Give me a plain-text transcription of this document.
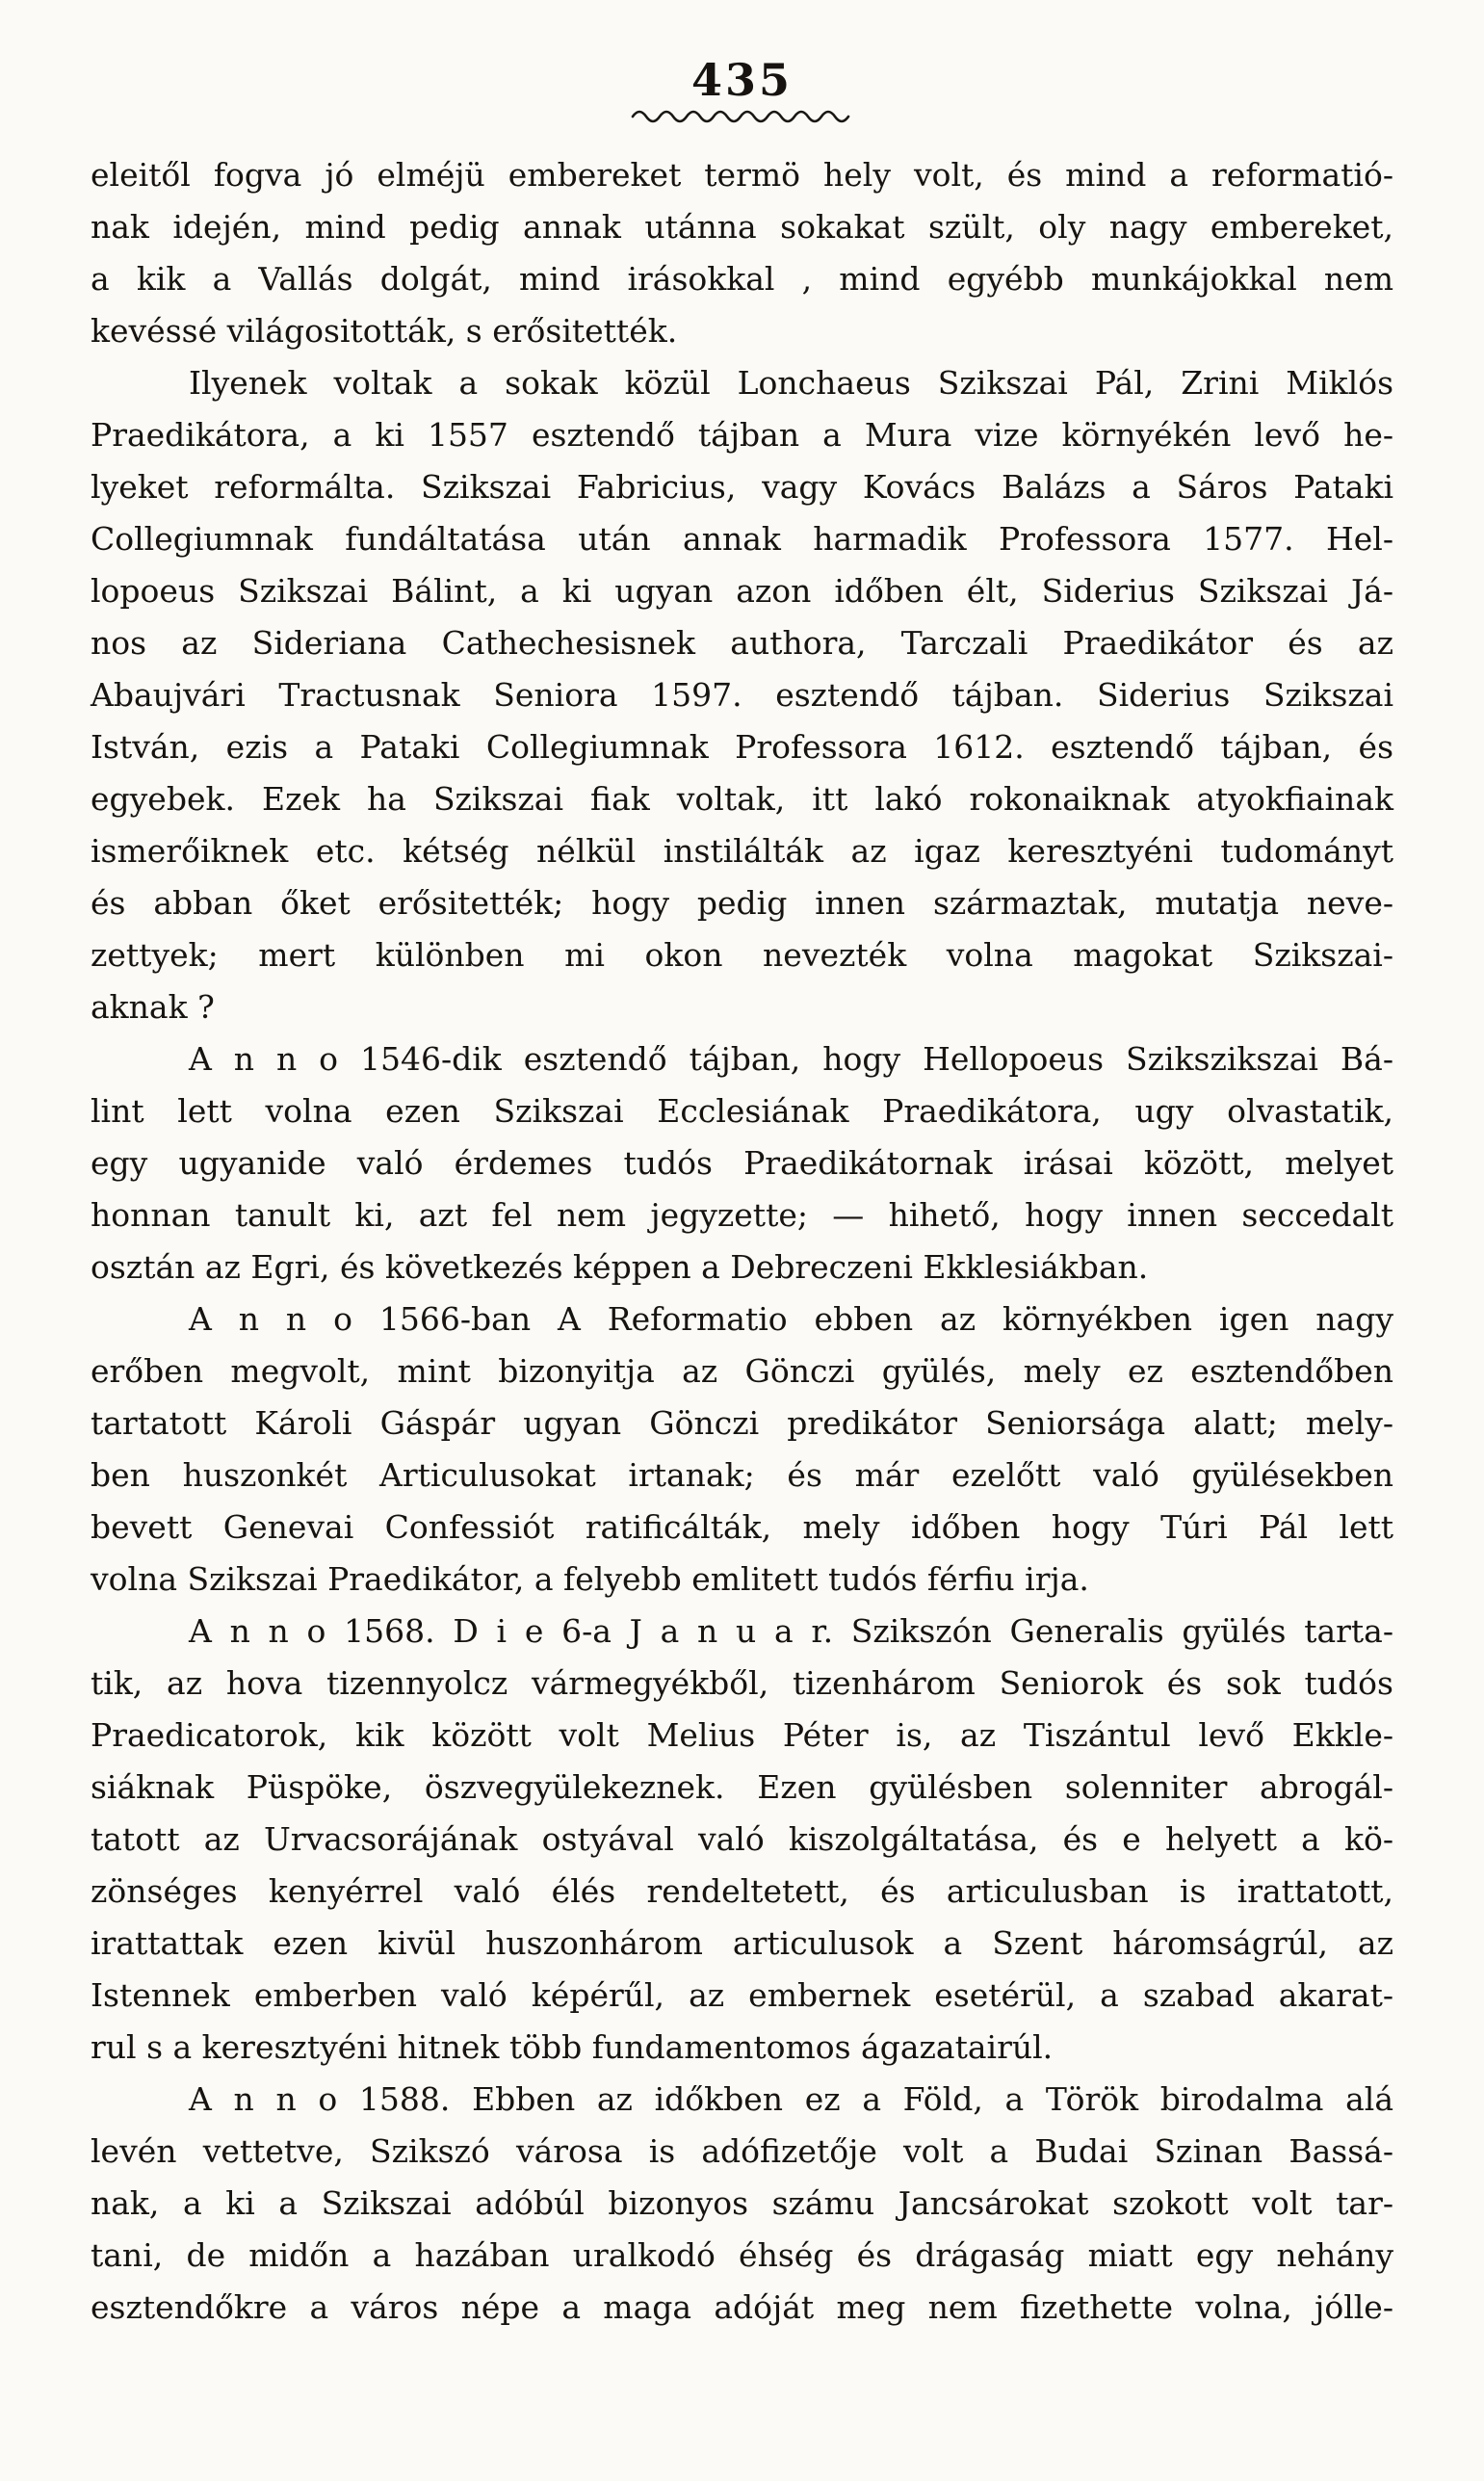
435
eleitől fogva jó elméjü embereket termö hely volt, és mind a reformatió-
nak idején, mind pedig annak utánna sokakat szült, oly nagy embereket,
a kik a Vallás dolgát, mind irásokkal , mind egyébb munkájokkal nem
kevéssé világositották, s erősitették.
Ilyenek voltak a sokak közül Lonchaeus Szikszai Pál, Zrini Miklós
Praedikátora, a ki 1557 esztendő tájban a Mura vize környékén levő he-
lyeket reformálta. Szikszai Fabricius, vagy Kovács Balázs a Sáros Pataki
Collegiumnak fundáltatása után annak harmadik Professora 1577. Hel-
lopoeus Szikszai Bálint, a ki ugyan azon időben élt, Siderius Szikszai Já-
nos az Sideriana Cathechesisnek authora, Tarczali Praedikátor és az
Abaujvári Tractusnak Seniora 1597. esztendő tájban. Siderius Szikszai
István, ezis a Pataki Collegiumnak Professora 1612. esztendő tájban, és
egyebek. Ezek ha Szikszai fiak voltak, itt lakó rokonaiknak atyokfiainak
ismerőiknek etc. kétség nélkül instilálták az igaz keresztyéni tudományt
és abban őket erősitették; hogy pedig innen származtak, mutatja neve-
zettyek; mert különben mi okon nevezték volna magokat Szikszai-
aknak ?
A n n o 1546-dik esztendő tájban, hogy Hellopoeus Szikszikszai Bá-
lint lett volna ezen Szikszai Ecclesiának Praedikátora, ugy olvastatik,
egy ugyanide való érdemes tudós Praedikátornak irásai között, melyet
honnan tanult ki, azt fel nem jegyzette; — hihető, hogy innen seccedalt
osztán az Egri, és következés képpen a Debreczeni Ekklesiákban.
A n n o 1566-ban A Reformatio ebben az környékben igen nagy
erőben megvolt, mint bizonyitja az Gönczi gyülés, mely ez esztendőben
tartatott Károli Gáspár ugyan Gönczi predikátor Seniorsága alatt; mely-
ben huszonkét Articulusokat irtanak; és már ezelőtt való gyülésekben
bevett Genevai Confessiót ratificálták, mely időben hogy Túri Pál lett
volna Szikszai Praedikátor, a felyebb emlitett tudós férfiu irja.
A n n o 1568. D i e 6-a J a n u a r. Szikszón Generalis gyülés tarta-
tik, az hova tizennyolcz vármegyékből, tizenhárom Seniorok és sok tudós
Praedicatorok, kik között volt Melius Péter is, az Tiszántul levő Ekkle-
siáknak Püspöke, öszvegyülekeznek. Ezen gyülésben solenniter abrogál-
tatott az Urvacsorájának ostyával való kiszolgáltatása, és e helyett a kö-
zönséges kenyérrel való élés rendeltetett, és articulusban is irattatott,
irattattak ezen kivül huszonhárom articulusok a Szent háromságrúl, az
Istennek emberben való képérűl, az embernek esetérül, a szabad akarat-
rul s a keresztyéni hitnek több fundamentomos ágazatairúl.
A n n o 1588. Ebben az időkben ez a Föld, a Török birodalma alá
levén vettetve, Szikszó városa is adófizetője volt a Budai Szinan Bassá-
nak, a ki a Szikszai adóbúl bizonyos számu Jancsárokat szokott volt tar-
tani, de midőn a hazában uralkodó éhség és drágaság miatt egy nehány
esztendőkre a város népe a maga adóját meg nem fizethette volna, jólle-
